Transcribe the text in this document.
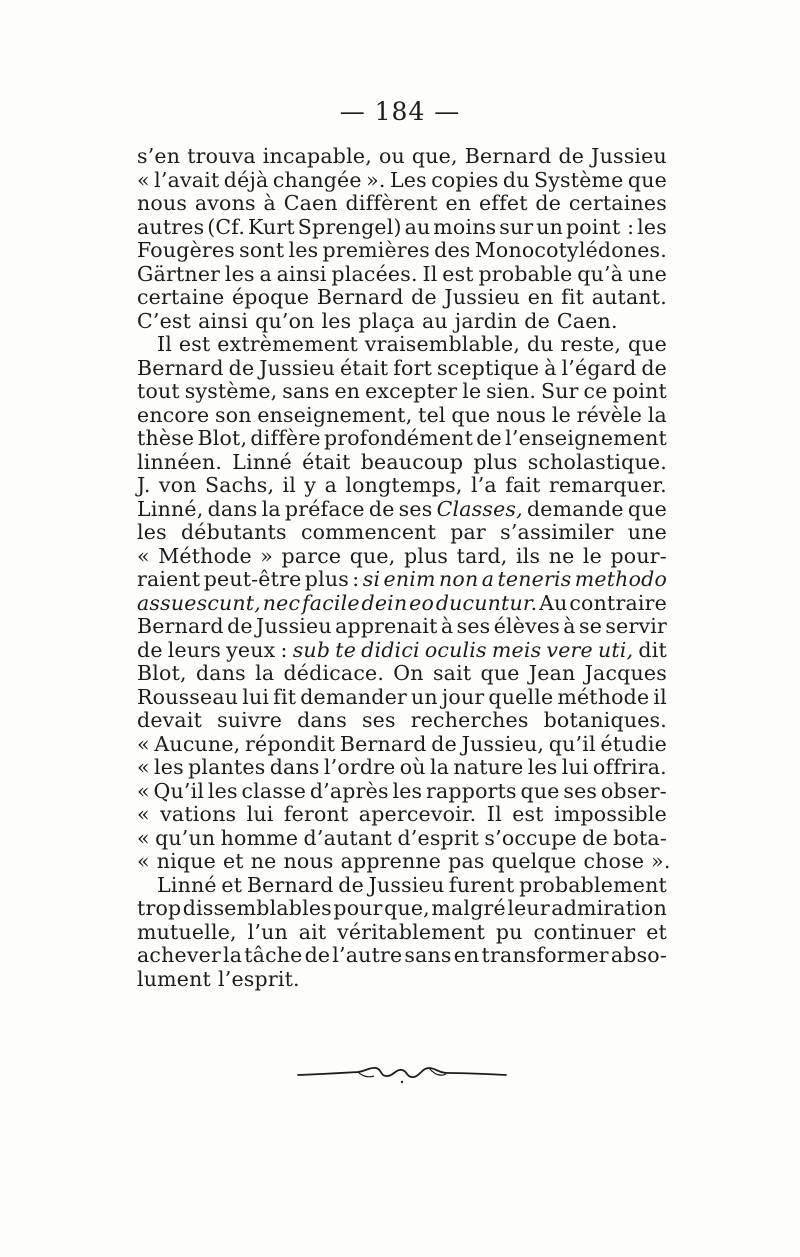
— 184 —
s’en trouva incapable, ou que, Bernard de Jussieu
« l’avait déjà changée ». Les copies du Système que
nous avons à Caen diffèrent en effet de certaines
autres (Cf. Kurt Sprengel) au moins sur un point : les
Fougères sont les premières des Monocotylédones.
Gärtner les a ainsi placées. Il est probable qu’à une
certaine époque Bernard de Jussieu en fit autant.
C’est ainsi qu’on les plaça au jardin de Caen.
Il est extrèmement vraisemblable, du reste, que
Bernard de Jussieu était fort sceptique à l’égard de
tout système, sans en excepter le sien. Sur ce point
encore son enseignement, tel que nous le révèle la
thèse Blot, diffère profondément de l’enseignement
linnéen. Linné était beaucoup plus scholastique.
J. von Sachs, il y a longtemps, l’a fait remarquer.
Linné, dans la préface de ses Classes, demande que
les débutants commencent par s’assimiler une
« Méthode » parce que, plus tard, ils ne le pour-
raient peut-être plus : si enim non a teneris methodo
assuescunt, nec facile dein eo ducuntur. Au contraire
Bernard de Jussieu apprenait à ses élèves à se servir
de leurs yeux : sub te didici oculis meis vere uti, dit
Blot, dans la dédicace. On sait que Jean Jacques
Rousseau lui fit demander un jour quelle méthode il
devait suivre dans ses recherches botaniques.
« Aucune, répondit Bernard de Jussieu, qu’il étudie
« les plantes dans l’ordre où la nature les lui offrira.
« Qu’il les classe d’après les rapports que ses obser-
« vations lui feront apercevoir. Il est impossible
« qu’un homme d’autant d’esprit s’occupe de bota-
« nique et ne nous apprenne pas quelque chose ».
Linné et Bernard de Jussieu furent probablement
trop dissemblables pour que, malgré leur admiration
mutuelle, l’un ait véritablement pu continuer et
achever la tâche de l’autre sans en transformer abso-
lument l’esprit.
